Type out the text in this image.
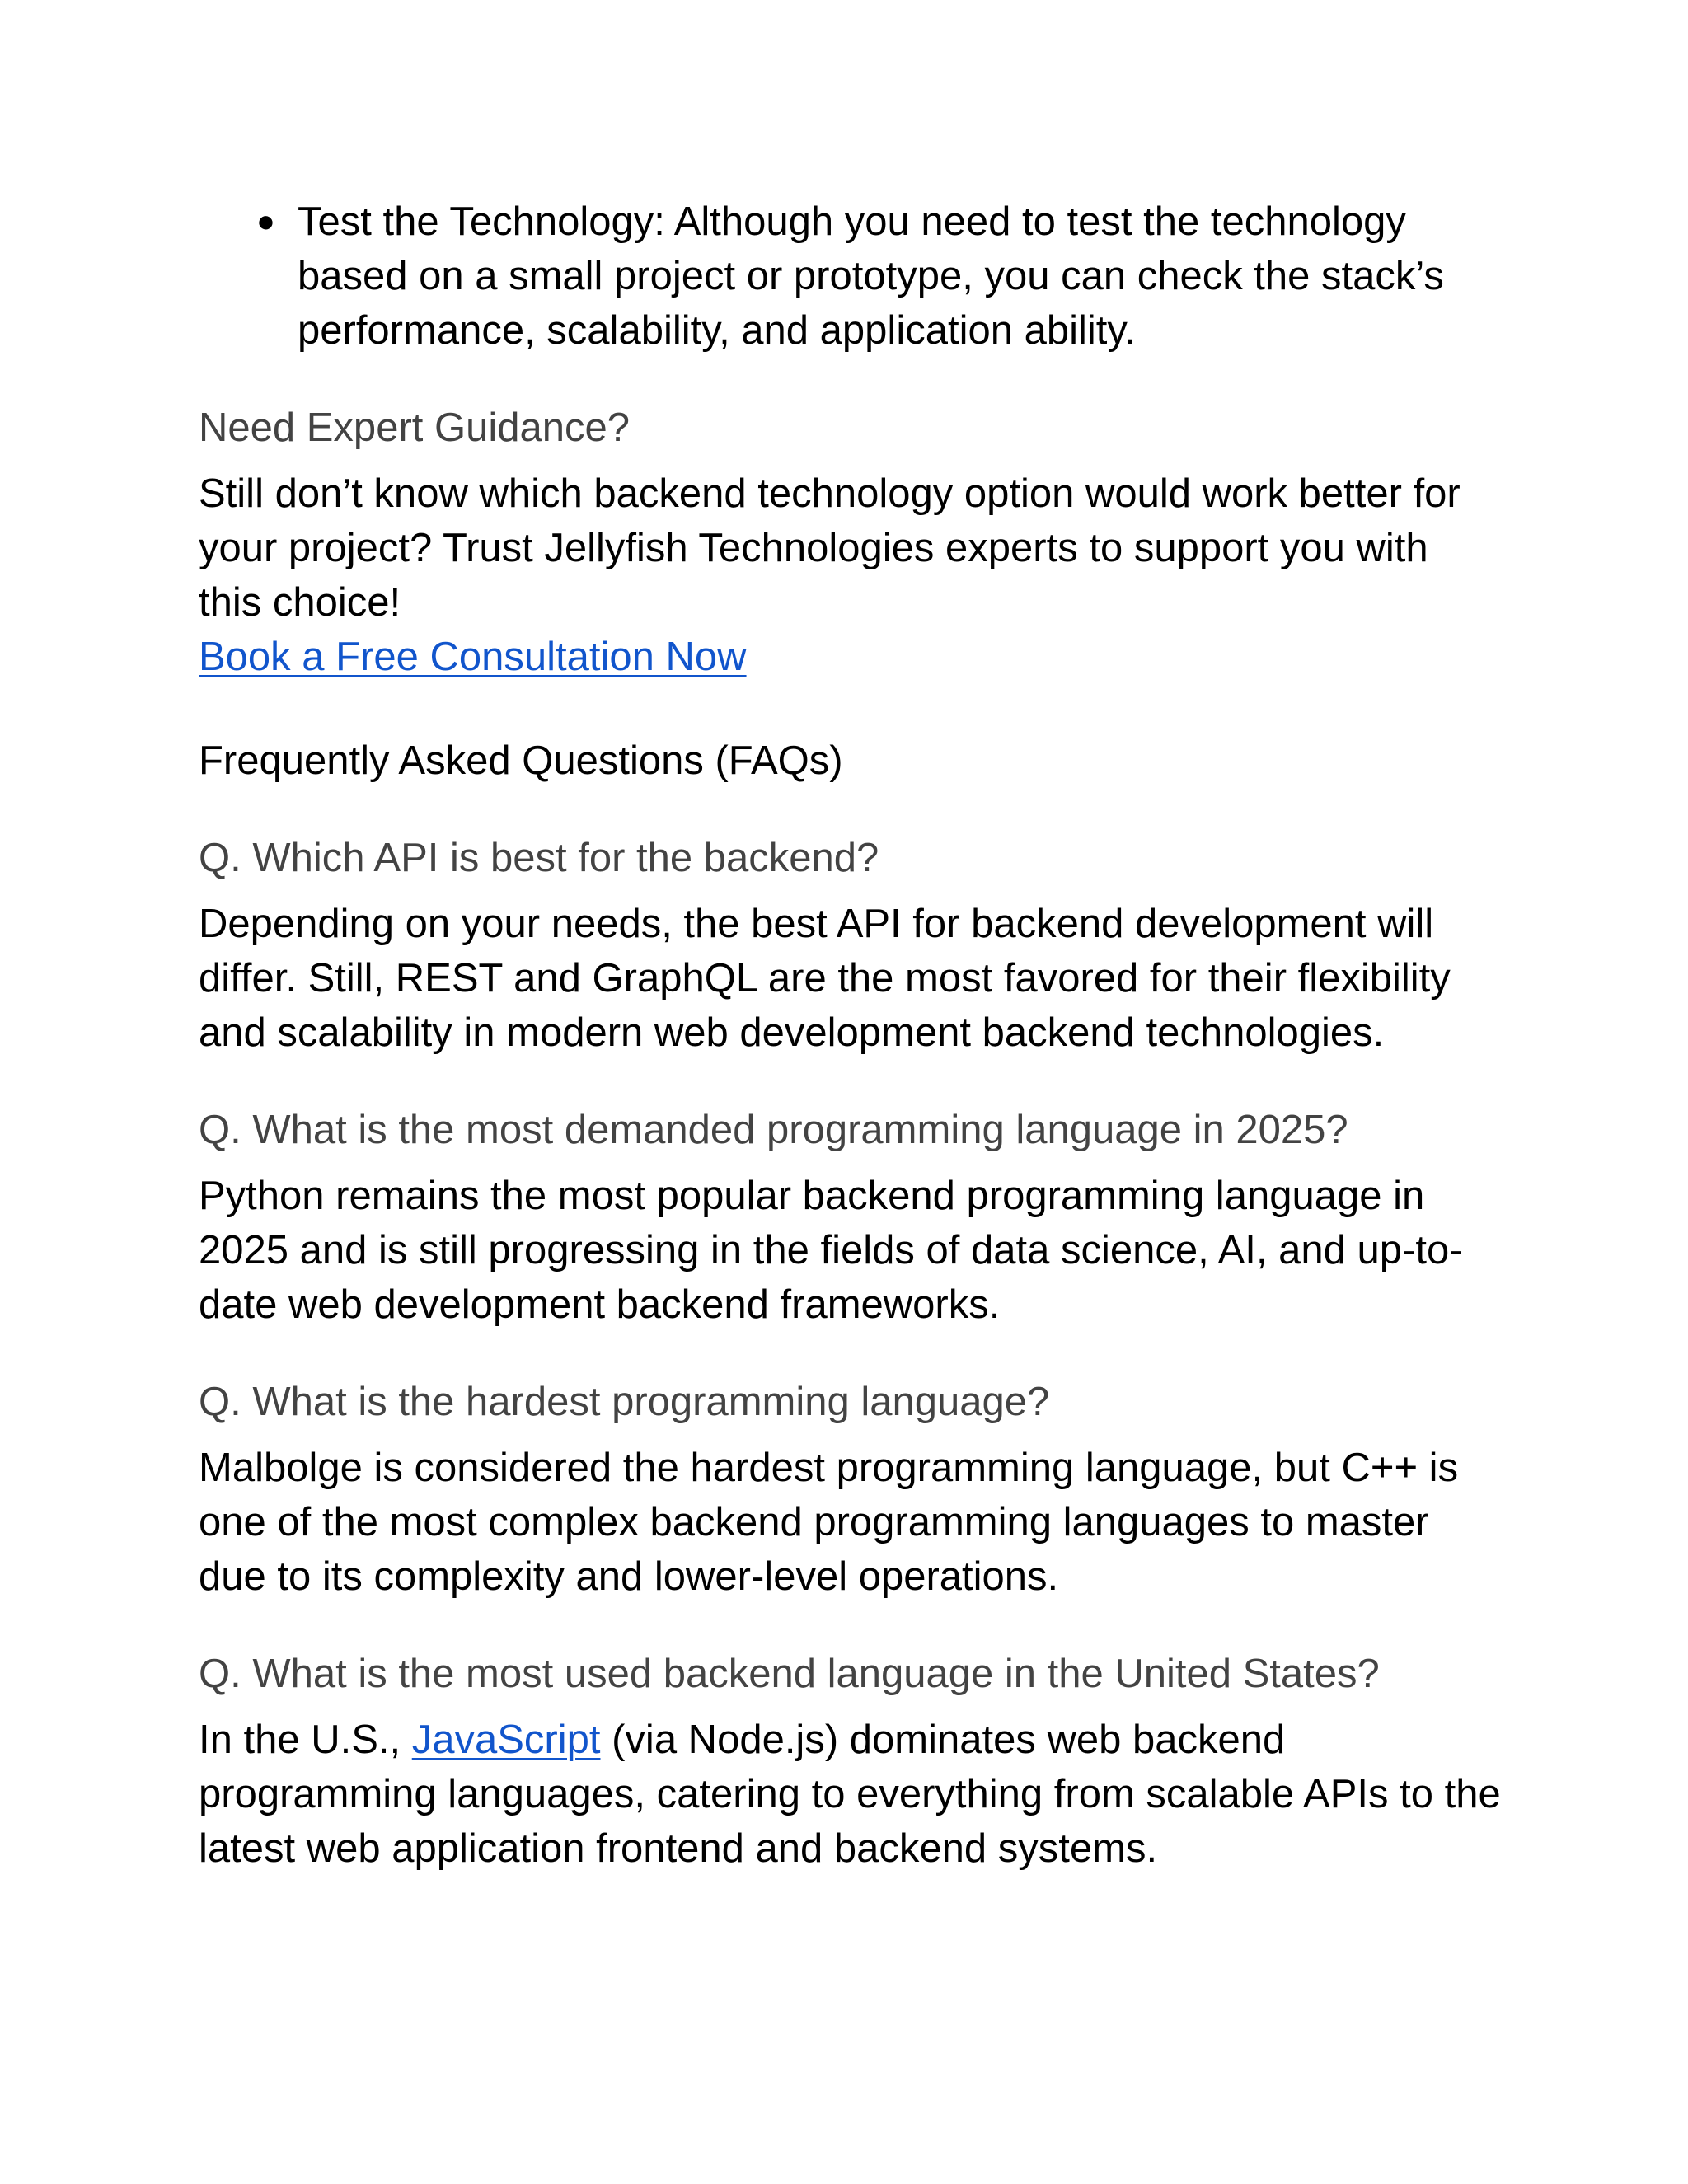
● Test the Technology: Although you need to test the technology based on a small project or prototype, you can check the stack’s performance, scalability, and application ability.

Need Expert Guidance?

Still don’t know which backend technology option would work better for your project? Trust Jellyfish Technologies experts to support you with this choice!

Book a Free Consultation Now

Frequently Asked Questions (FAQs)

Q. Which API is best for the backend?

Depending on your needs, the best API for backend development will differ. Still, REST and GraphQL are the most favored for their flexibility and scalability in modern web development backend technologies.

Q. What is the most demanded programming language in 2025?

Python remains the most popular backend programming language in 2025 and is still progressing in the fields of data science, AI, and up-to-date web development backend frameworks.

Q. What is the hardest programming language?

Malbolge is considered the hardest programming language, but C++ is one of the most complex backend programming languages to master due to its complexity and lower-level operations.

Q. What is the most used backend language in the United States?

In the U.S., JavaScript (via Node.js) dominates web backend programming languages, catering to everything from scalable APIs to the latest web application frontend and backend systems.
